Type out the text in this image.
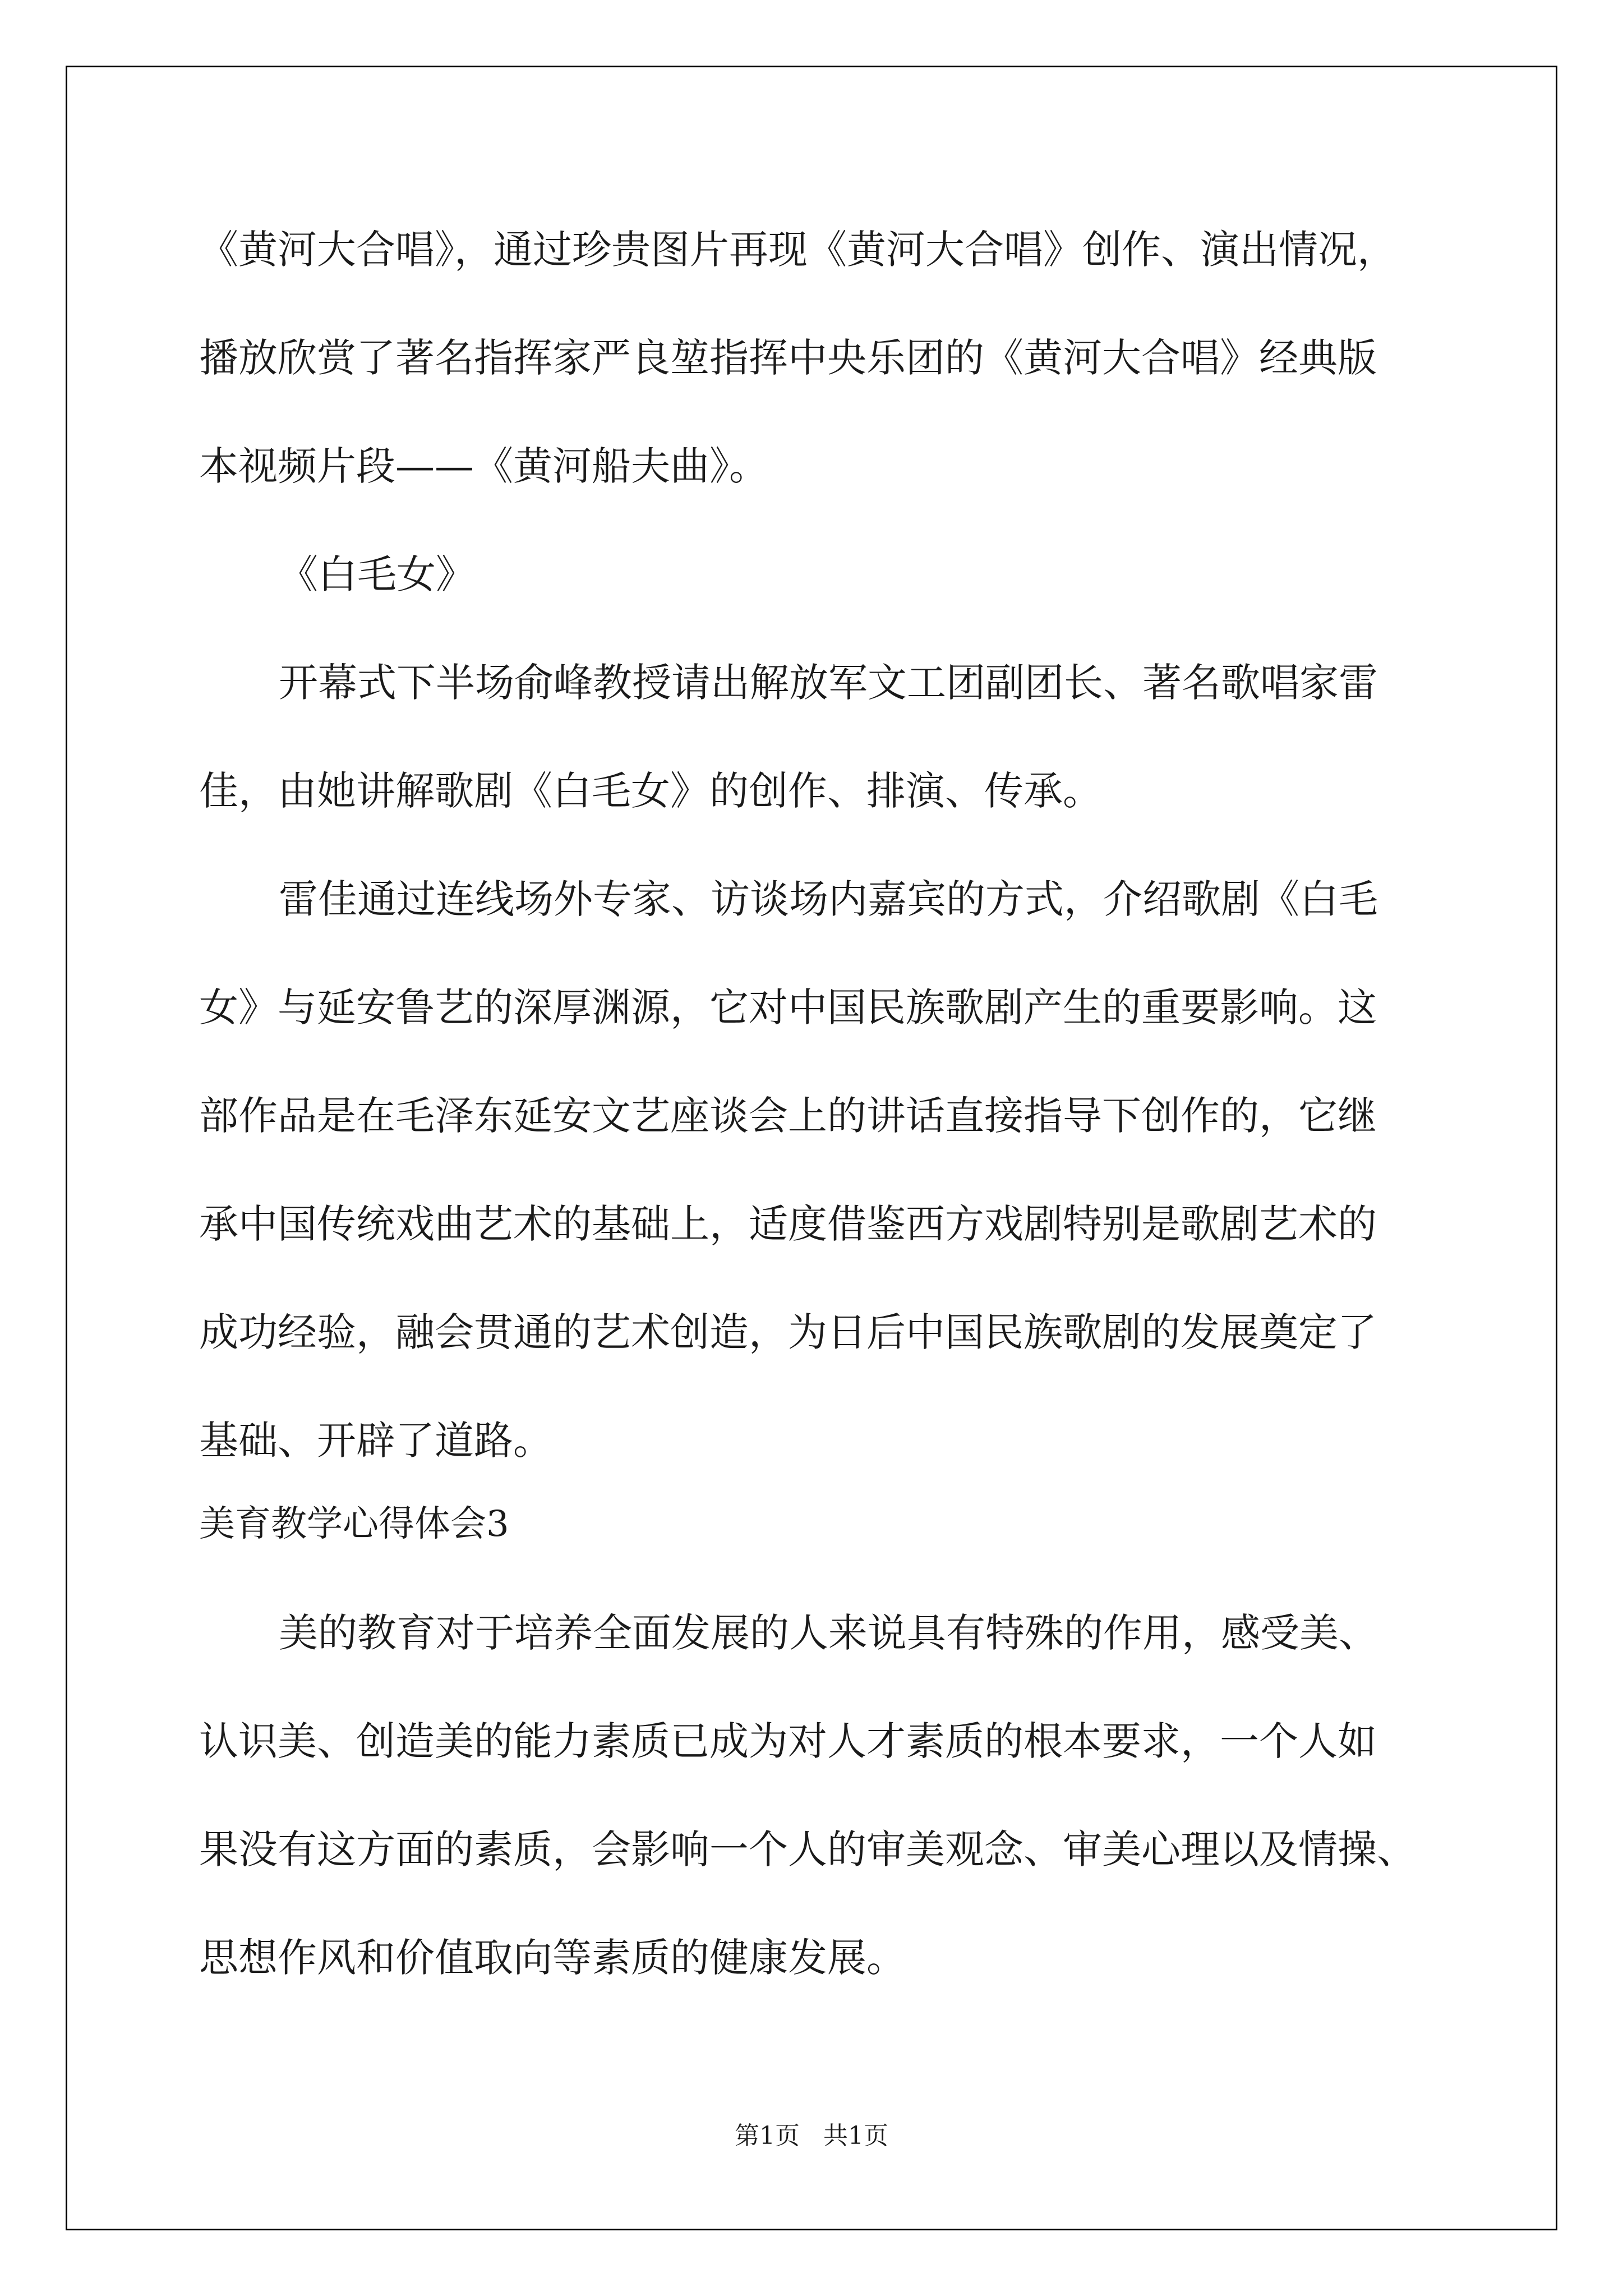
《黄河大合唱》，通过珍贵图片再现《黄河大合唱》创作、演出情况，

播放欣赏了著名指挥家严良堃指挥中央乐团的《黄河大合唱》经典版

本视频片段——《黄河船夫曲》。

《白毛女》

开幕式下半场俞峰教授请出解放军文工团副团长、著名歌唱家雷

佳，由她讲解歌剧《白毛女》的创作、排演、传承。

雷佳通过连线场外专家、访谈场内嘉宾的方式，介绍歌剧《白毛

女》与延安鲁艺的深厚渊源，它对中国民族歌剧产生的重要影响。这

部作品是在毛泽东延安文艺座谈会上的讲话直接指导下创作的，它继

承中国传统戏曲艺术的基础上，适度借鉴西方戏剧特别是歌剧艺术的

成功经验，融会贯通的艺术创造，为日后中国民族歌剧的发展奠定了

基础、开辟了道路。

美育教学心得体会3

美的教育对于培养全面发展的人来说具有特殊的作用，感受美、

认识美、创造美的能力素质已成为对人才素质的根本要求，一个人如

果没有这方面的素质，会影响一个人的审美观念、审美心理以及情操、

思想作风和价值取向等素质的健康发展。

第1页   共1页
